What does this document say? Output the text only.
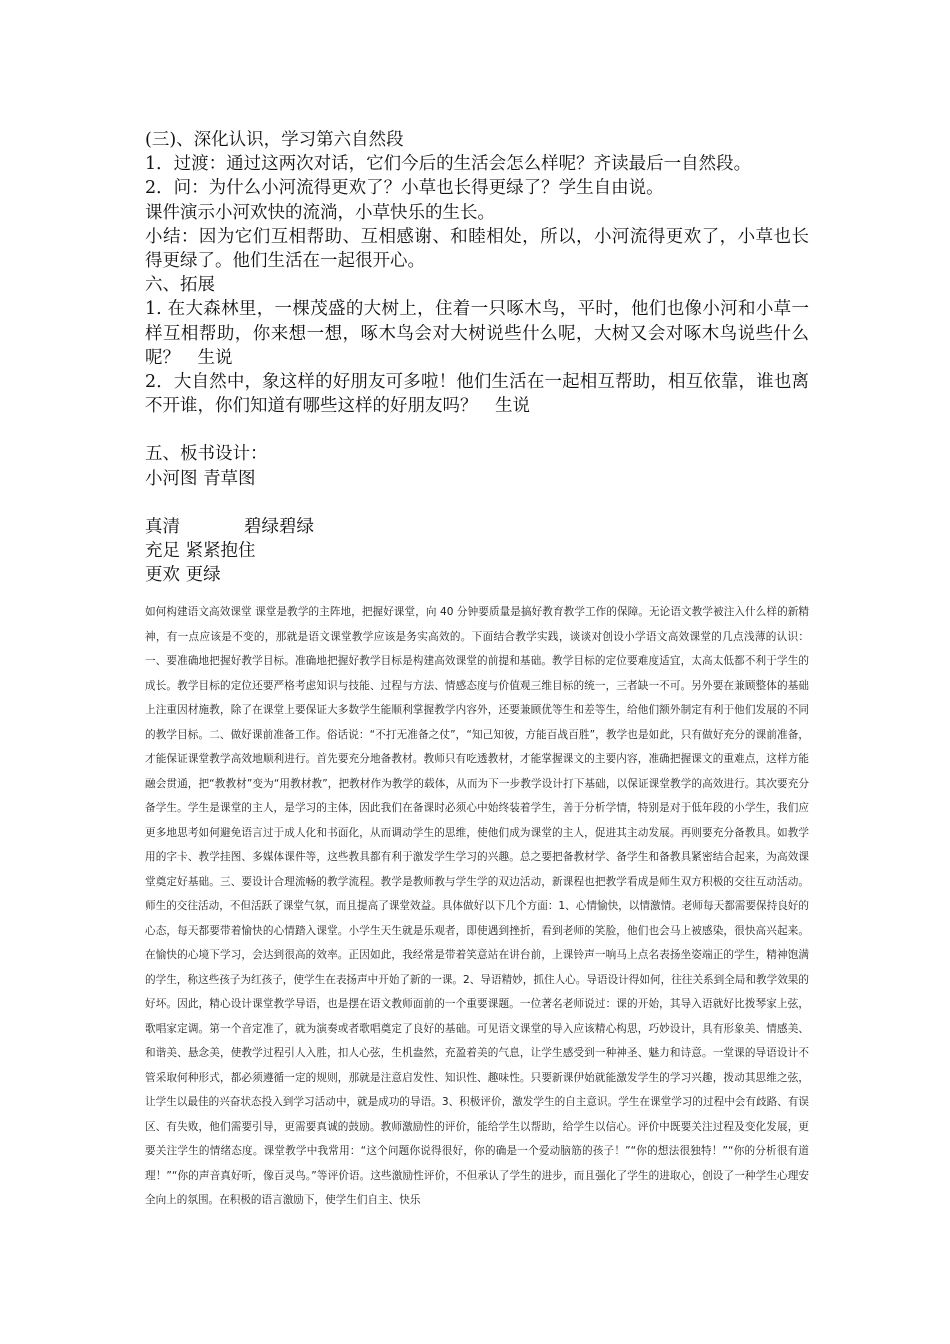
(三)、深化认识，学习第六自然段

1．过渡：通过这两次对话，它们今后的生活会怎么样呢？齐读最后一自然段。

2．问：为什么小河流得更欢了？小草也长得更绿了？学生自由说。

课件演示小河欢快的流淌，小草快乐的生长。

小结：因为它们互相帮助、互相感谢、和睦相处，所以，小河流得更欢了，小草也长得更绿了。他们生活在一起很开心。

六、拓展

1. 在大森林里，一棵茂盛的大树上，住着一只啄木鸟，平时，他们也像小河和小草一样互相帮助，你来想一想，啄木鸟会对大树说些什么呢，大树又会对啄木鸟说些什么呢？　生说

2．大自然中，象这样的好朋友可多啦！他们生活在一起相互帮助，相互依靠，谁也离不开谁，你们知道有哪些这样的好朋友吗？　生说

五、板书设计：

小河图 青草图

真清	碧绿碧绿

充足 紧紧抱住

更欢 更绿

如何构建语文高效课堂 课堂是教学的主阵地，把握好课堂，向 40 分钟要质量是搞好教育教学工作的保障。无论语文教学被注入什么样的新精神，有一点应该是不变的，那就是语文课堂教学应该是务实高效的。下面结合教学实践，谈谈对创设小学语文高效课堂的几点浅薄的认识：一、要准确地把握好教学目标。准确地把握好教学目标是构建高效课堂的前提和基础。教学目标的定位要难度适宜，太高太低都不利于学生的成长。教学目标的定位还要严格考虑知识与技能、过程与方法、情感态度与价值观三维目标的统一，三者缺一不可。另外要在兼顾整体的基础上注重因材施教，除了在课堂上要保证大多数学生能顺利掌握教学内容外，还要兼顾优等生和差等生，给他们额外制定有利于他们发展的不同的教学目标。二、做好课前准备工作。俗话说：“不打无准备之仗”，“知己知彼，方能百战百胜”，教学也是如此，只有做好充分的课前准备，才能保证课堂教学高效地顺利进行。首先要充分地备教材。教师只有吃透教材，才能掌握课文的主要内容，准确把握课文的重难点，这样方能融会贯通，把“教教材”变为“用教材教”，把教材作为教学的载体，从而为下一步教学设计打下基础，以保证课堂教学的高效进行。其次要充分备学生。学生是课堂的主人，是学习的主体，因此我们在备课时必须心中始终装着学生，善于分析学情，特别是对于低年段的小学生，我们应更多地思考如何避免语言过于成人化和书面化，从而调动学生的思维，使他们成为课堂的主人，促进其主动发展。再则要充分备教具。如教学用的字卡、教学挂图、多媒体课件等，这些教具都有利于激发学生学习的兴趣。总之要把备教材学、备学生和备教具紧密结合起来，为高效课堂奠定好基础。三、要设计合理流畅的教学流程。教学是教师教与学生学的双边活动，新课程也把教学看成是师生双方积极的交往互动活动。师生的交往活动，不但活跃了课堂气氛，而且提高了课堂效益。具体做好以下几个方面：1、心情愉快，以情激情。老师每天都需要保持良好的心态，每天都要带着愉快的心情踏入课堂。小学生天生就是乐观者，即使遇到挫折，看到老师的笑脸，他们也会马上被感染，很快高兴起来。在愉快的心境下学习，会达到很高的效率。正因如此，我经常是带着笑意站在讲台前，上课铃声一响马上点名表扬坐姿端正的学生，精神饱满的学生，称这些孩子为红孩子，使学生在表扬声中开始了新的一课。2、导语精妙，抓住人心。导语设计得如何，往往关系到全局和教学效果的好坏。因此，精心设计课堂教学导语，也是摆在语文教师面前的一个重要课题。一位著名老师说过：课的开始，其导入语就好比拨琴家上弦，歌唱家定调。第一个音定准了，就为演奏或者歌唱奠定了良好的基础。可见语文课堂的导入应该精心构思，巧妙设计，具有形象美、情感美、和谐美、悬念美，使教学过程引人入胜，扣人心弦，生机盎然，充盈着美的气息，让学生感受到一种神圣、魅力和诗意。一堂课的导语设计不管采取何种形式，都必须遵循一定的规则，那就是注意启发性、知识性、趣味性。只要新课伊始就能激发学生的学习兴趣，拨动其思维之弦，让学生以最佳的兴奋状态投入到学习活动中，就是成功的导语。3、积极评价，激发学生的自主意识。学生在课堂学习的过程中会有歧路、有误区、有失败，他们需要引导，更需要真诚的鼓励。教师激励性的评价，能给学生以帮助，给学生以信心。评价中既要关注过程及变化发展，更要关注学生的情绪态度。课堂教学中我常用：“这个问题你说得很好，你的确是一个爱动脑筋的孩子！”“你的想法很独特！”“你的分析很有道理！”“你的声音真好听，像百灵鸟。”等评价语。这些激励性评价，不但承认了学生的进步，而且强化了学生的进取心，创设了一种学生心理安全向上的氛围。在积极的语言激励下，使学生们自主、快乐
